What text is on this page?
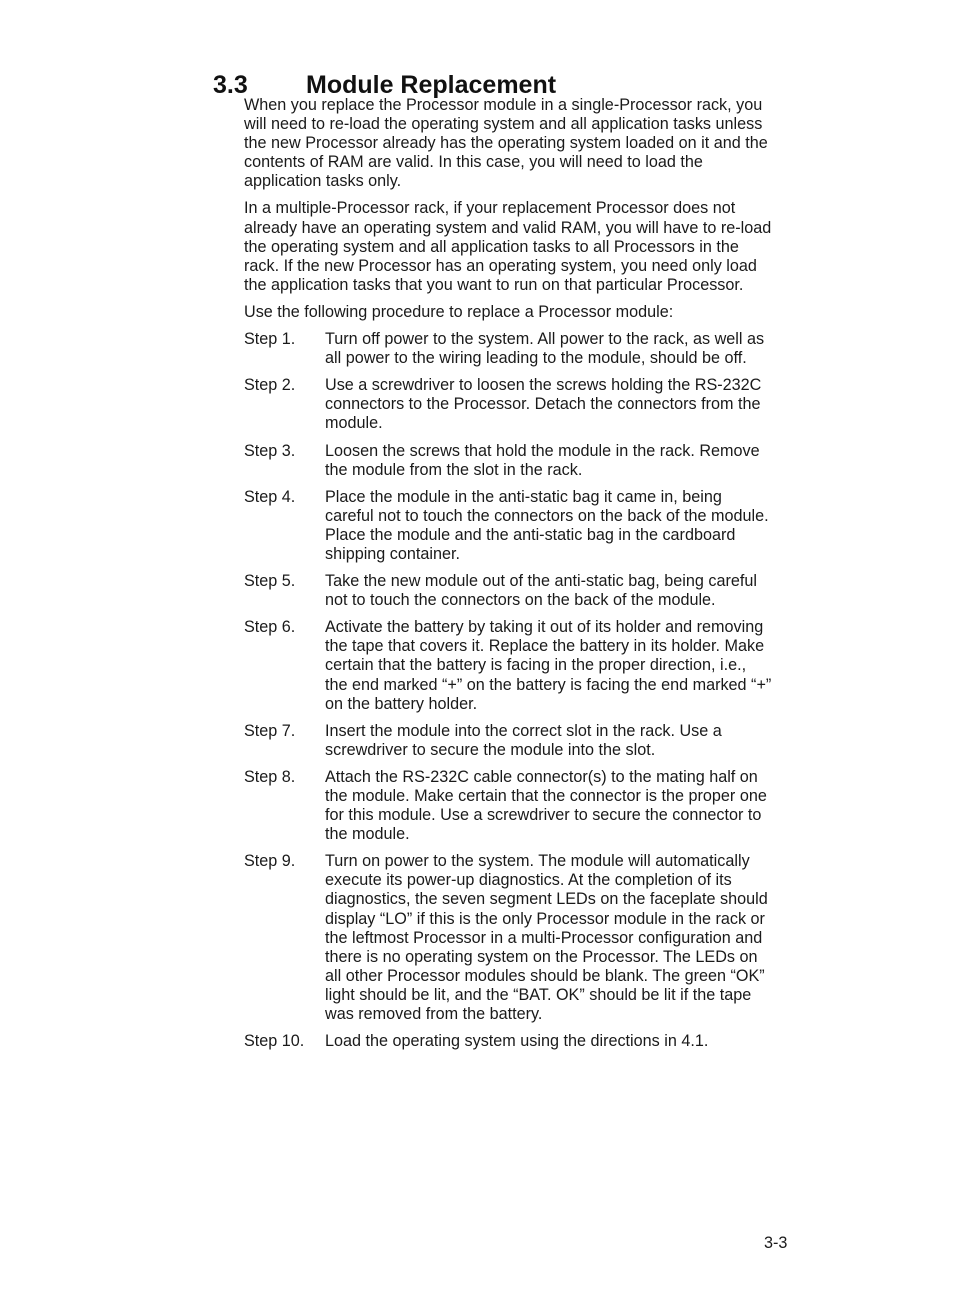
3.3 Module Replacement

When you replace the Processor module in a single-Processor rack, you will need to re-load the operating system and all application tasks unless the new Processor already has the operating system loaded on it and the contents of RAM are valid. In this case, you will need to load the application tasks only.

In a multiple-Processor rack, if your replacement Processor does not already have an operating system and valid RAM, you will have to re-load the operating system and all application tasks to all Processors in the rack. If the new Processor has an operating system, you need only load the application tasks that you want to run on that particular Processor.

Use the following procedure to replace a Processor module:

Step 1.	Turn off power to the system. All power to the rack, as well as all power to the wiring leading to the module, should be off.
Step 2.	Use a screwdriver to loosen the screws holding the RS-232C connectors to the Processor. Detach the connectors from the module.
Step 3.	Loosen the screws that hold the module in the rack. Remove the module from the slot in the rack.
Step 4.	Place the module in the anti-static bag it came in, being careful not to touch the connectors on the back of the module. Place the module and the anti-static bag in the cardboard shipping container.
Step 5.	Take the new module out of the anti-static bag, being careful not to touch the connectors on the back of the module.
Step 6.	Activate the battery by taking it out of its holder and removing the tape that covers it. Replace the battery in its holder. Make certain that the battery is facing in the proper direction, i.e., the end marked “+” on the battery is facing the end marked “+” on the battery holder.
Step 7.	Insert the module into the correct slot in the rack. Use a screwdriver to secure the module into the slot.
Step 8.	Attach the RS-232C cable connector(s) to the mating half on the module. Make certain that the connector is the proper one for this module. Use a screwdriver to secure the connector to the module.
Step 9.	Turn on power to the system. The module will automatically execute its power-up diagnostics. At the completion of its diagnostics, the seven segment LEDs on the faceplate should display “LO” if this is the only Processor module in the rack or the leftmost Processor in a multi-Processor configuration and there is no operating system on the Processor. The LEDs on all other Processor modules should be blank. The green “OK” light should be lit, and the “BAT. OK” should be lit if the tape was removed from the battery.
Step 10.	Load the operating system using the directions in 4.1.
3-3
